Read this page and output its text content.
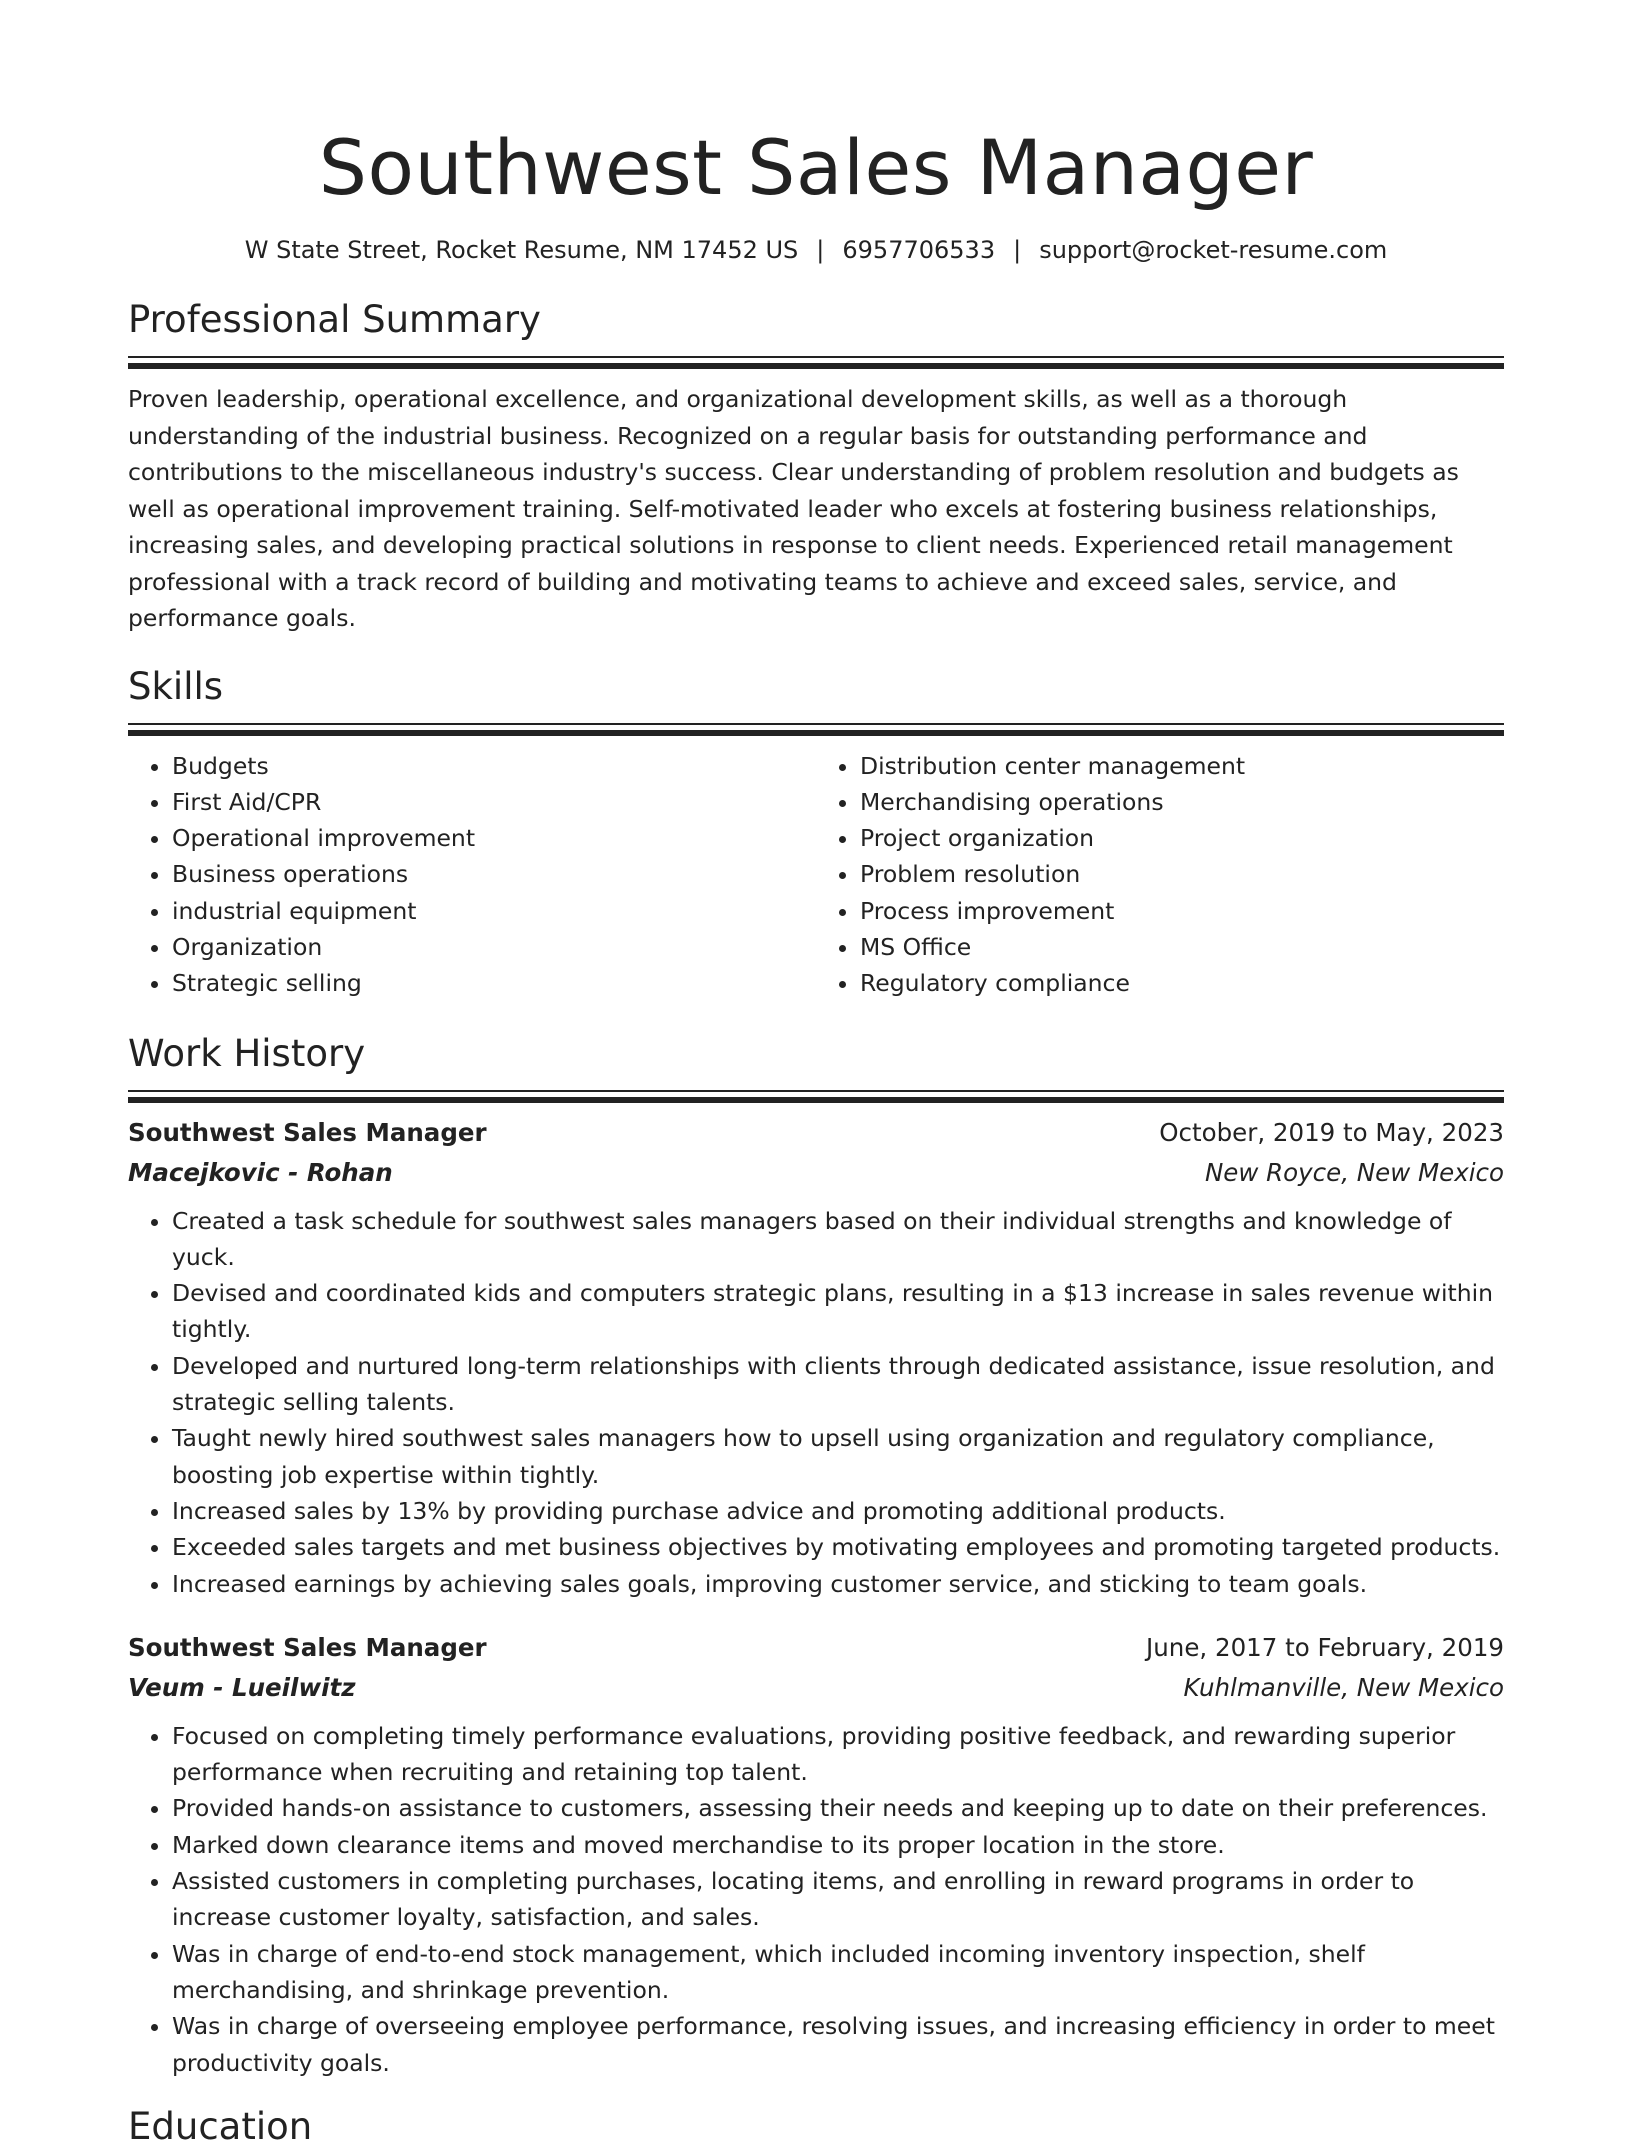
Southwest Sales Manager
W State Street, Rocket Resume, NM 17452 US | 6957706533 | support@rocket-resume.com
Professional Summary
Proven leadership, operational excellence, and organizational development skills, as well as a thorough understanding of the industrial business. Recognized on a regular basis for outstanding performance and contributions to the miscellaneous industry's success. Clear understanding of problem resolution and budgets as well as operational improvement training. Self-motivated leader who excels at fostering business relationships, increasing sales, and developing practical solutions in response to client needs. Experienced retail management professional with a track record of building and motivating teams to achieve and exceed sales, service, and performance goals.
Skills
• Budgets
• First Aid/CPR
• Operational improvement
• Business operations
• industrial equipment
• Organization
• Strategic selling
• Distribution center management
• Merchandising operations
• Project organization
• Problem resolution
• Process improvement
• MS Office
• Regulatory compliance
Work History
Southwest Sales Manager	October, 2019 to May, 2023
Macejkovic - Rohan	New Royce, New Mexico
• Created a task schedule for southwest sales managers based on their individual strengths and knowledge of yuck.
• Devised and coordinated kids and computers strategic plans, resulting in a $13 increase in sales revenue within tightly.
• Developed and nurtured long-term relationships with clients through dedicated assistance, issue resolution, and strategic selling talents.
• Taught newly hired southwest sales managers how to upsell using organization and regulatory compliance, boosting job expertise within tightly.
• Increased sales by 13% by providing purchase advice and promoting additional products.
• Exceeded sales targets and met business objectives by motivating employees and promoting targeted products.
• Increased earnings by achieving sales goals, improving customer service, and sticking to team goals.
Southwest Sales Manager	June, 2017 to February, 2019
Veum - Lueilwitz	Kuhlmanville, New Mexico
• Focused on completing timely performance evaluations, providing positive feedback, and rewarding superior performance when recruiting and retaining top talent.
• Provided hands-on assistance to customers, assessing their needs and keeping up to date on their preferences.
• Marked down clearance items and moved merchandise to its proper location in the store.
• Assisted customers in completing purchases, locating items, and enrolling in reward programs in order to increase customer loyalty, satisfaction, and sales.
• Was in charge of end-to-end stock management, which included incoming inventory inspection, shelf merchandising, and shrinkage prevention.
• Was in charge of overseeing employee performance, resolving issues, and increasing efficiency in order to meet productivity goals.
Education
